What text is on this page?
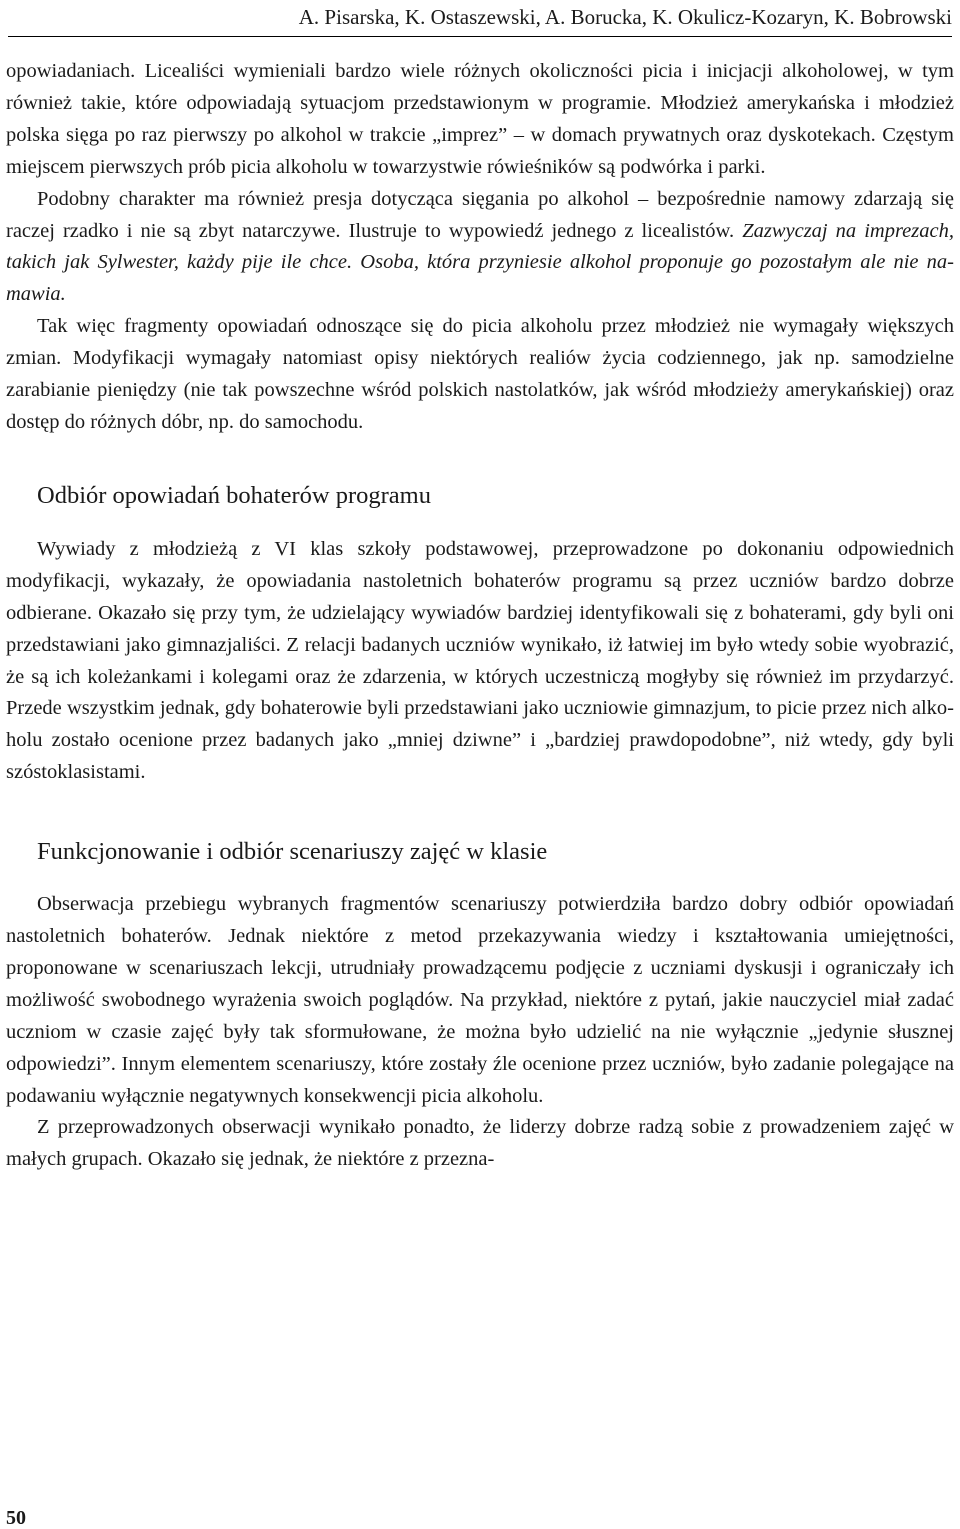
A. Pisarska, K. Ostaszewski, A. Borucka, K. Okulicz-Kozaryn, K. Bobrowski

opowiadaniach. Licealiści wymieniali bardzo wiele różnych okoliczności picia i inicjacji alkoholowej, w tym również takie, które odpowiadają sytuacjom przedstawionym w programie. Młodzież amerykańska i młodzież polska sięga po raz pierwszy po alkohol w trakcie „imprez” – w domach prywatnych oraz dyskotekach. Częstym miejscem pierwszych prób picia alkoholu w towarzystwie rówieśników są podwórka i parki.

Podobny charakter ma również presja dotycząca sięgania po alkohol – bezpośrednie namowy zdarzają się raczej rzadko i nie są zbyt natarczywe. Ilustruje to wypowiedź jednego z licealistów. Zazwyczaj na imprezach, takich jak Sylwester, każdy pije ile chce. Osoba, która przyniesie alkohol proponuje go pozostałym ale nie namawia.

Tak więc fragmenty opowiadań odnoszące się do picia alkoholu przez młodzież nie wymagały większych zmian. Modyfikacji wymagały natomiast opisy niektórych realiów życia codziennego, jak np. samodzielne zarabianie pieniędzy (nie tak powszechne wśród polskich nastolatków, jak wśród młodzieży amerykańskiej) oraz dostęp do różnych dóbr, np. do samochodu.

Odbiór opowiadań bohaterów programu

Wywiady z młodzieżą z VI klas szkoły podstawowej, przeprowadzone po dokonaniu odpowiednich modyfikacji, wykazały, że opowiadania nastoletnich bohaterów programu są przez uczniów bardzo dobrze odbierane. Okazało się przy tym, że udzielający wywiadów bardziej identyfikowali się z bohaterami, gdy byli oni przedstawiani jako gimnazjaliści. Z relacji badanych uczniów wynikało, iż łatwiej im było wtedy sobie wyobrazić, że są ich koleżankami i kolegami oraz że zdarzenia, w których uczestniczą mogłyby się również im przydarzyć. Przede wszystkim jednak, gdy bohaterowie byli przedstawiani jako uczniowie gimnazjum, to picie przez nich alkoholu zostało ocenione przez badanych jako „mniej dziwne” i „bardziej prawdopodobne”, niż wtedy, gdy byli szóstoklasistami.

Funkcjonowanie i odbiór scenariuszy zajęć w klasie

Obserwacja przebiegu wybranych fragmentów scenariuszy potwierdziła bardzo dobry odbiór opowiadań nastoletnich bohaterów. Jednak niektóre z metod przekazywania wiedzy i kształtowania umiejętności, proponowane w scenariuszach lekcji, utrudniały prowadzącemu podjęcie z uczniami dyskusji i ograniczały ich możliwość swobodnego wyrażenia swoich poglądów. Na przykład, niektóre z pytań, jakie nauczyciel miał zadać uczniom w czasie zajęć były tak sformułowane, że można było udzielić na nie wyłącznie „jedynie słusznej odpowiedzi”. Innym elementem scenariuszy, które zostały źle ocenione przez uczniów, było zadanie polegające na podawaniu wyłącznie negatywnych konsekwencji picia alkoholu.

Z przeprowadzonych obserwacji wynikało ponadto, że liderzy dobrze radzą sobie z prowadzeniem zajęć w małych grupach. Okazało się jednak, że niektóre z przezna-

50
